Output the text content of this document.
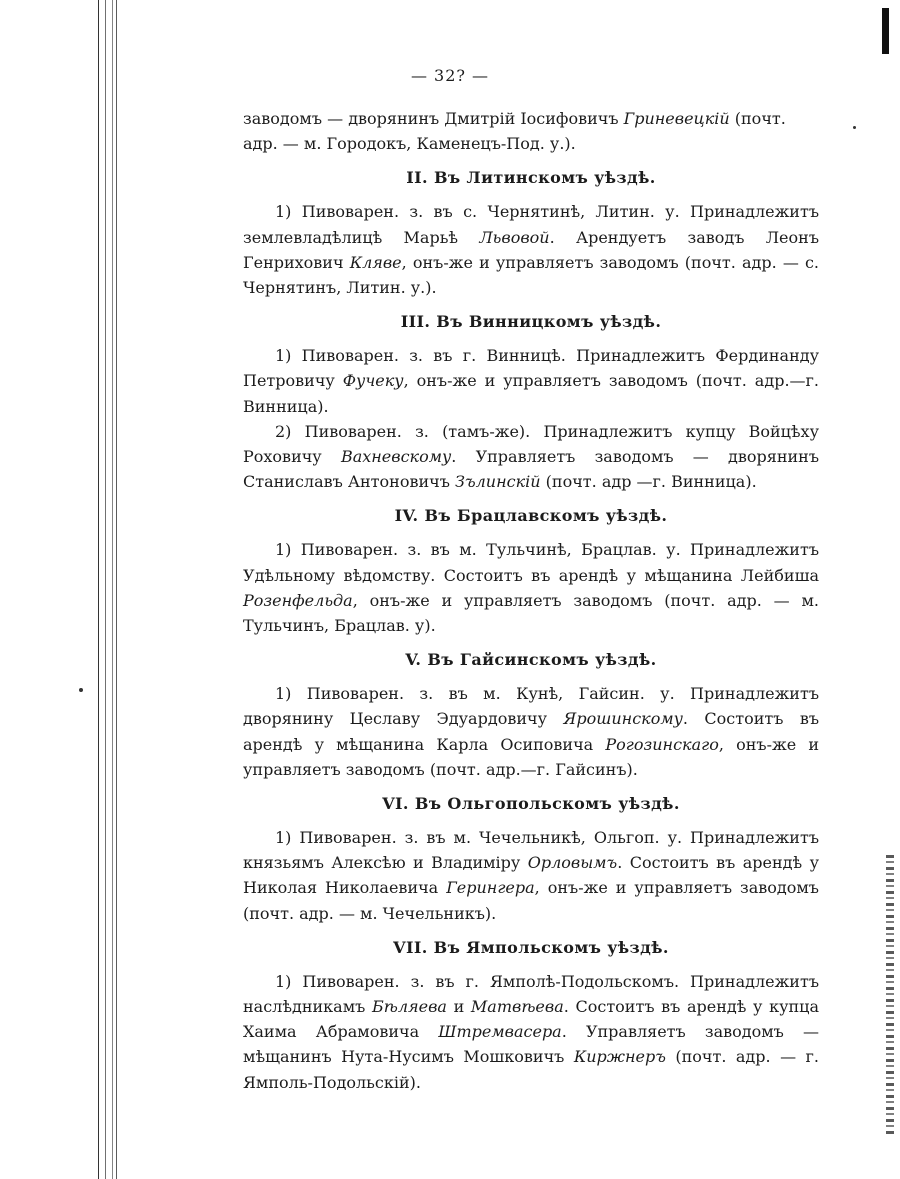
— 32? —

заводомъ — дворянинъ Дмитрій Іосифовичъ Гриневецкій (почт. адр. — м. Городокъ, Каменецъ-Под. у.).

II. Въ Литинскомъ уѣздѣ.

1) Пивоварен. з. въ с. Чернятинѣ, Литин. у. Принадлежитъ землевладѣлицѣ Марьѣ Львовой. Арендуетъ заводъ Леонъ Генрихович Кляве, онъ-же и управляетъ заводомъ (почт. адр. — с. Чернятинъ, Литин. у.).

III. Въ Винницкомъ уѣздѣ.

1) Пивоварен. з. въ г. Винницѣ. Принадлежитъ Фердинанду Петровичу Фучеку, онъ-же и управляетъ заводомъ (почт. адр.—г. Винница).

2) Пивоварен. з. (тамъ-же). Принадлежитъ купцу Войцѣху Роховичу Вахневскому. Управляетъ заводомъ — дворянинъ Станиславъ Антоновичъ Зълинскій (почт. адр —г. Винница).

IV. Въ Брацлавскомъ уѣздѣ.

1) Пивоварен. з. въ м. Тульчинѣ, Брацлав. у. Принадлежитъ Удѣльному вѣдомству. Состоитъ въ арендѣ у мѣщанина Лейбиша Розенфельда, онъ-же и управляетъ заводомъ (почт. адр. — м. Тульчинъ, Брацлав. у).

V. Въ Гайсинскомъ уѣздѣ.

1) Пивоварен. з. въ м. Кунѣ, Гайсин. у. Принадлежитъ дворянину Цеславу Эдуардовичу Ярошинскому. Состоитъ въ арендѣ у мѣщанина Карла Осиповича Рогозинскаго, онъ-же и управляетъ заводомъ (почт. адр.—г. Гайсинъ).

VI. Въ Ольгопольскомъ уѣздѣ.

1) Пивоварен. з. въ м. Чечельникѣ, Ольгоп. у. Принадлежитъ князьямъ Алексѣю и Владиміру Орловымъ. Состоитъ въ арендѣ у Николая Николаевича Герингера, онъ-же и управляетъ заводомъ (почт. адр. — м. Чечельникъ).

VII. Въ Ямпольскомъ уѣздѣ.

1) Пивоварен. з. въ г. Ямполѣ-Подольскомъ. Принадлежитъ наслѣдникамъ Бѣляева и Матвѣева. Состоитъ въ арендѣ у купца Хаима Абрамовича Штремвасера. Управляетъ заводомъ — мѣщанинъ Нута-Нусимъ Мошковичъ Киржнеръ (почт. адр. — г. Ямполь-Подольскій).
